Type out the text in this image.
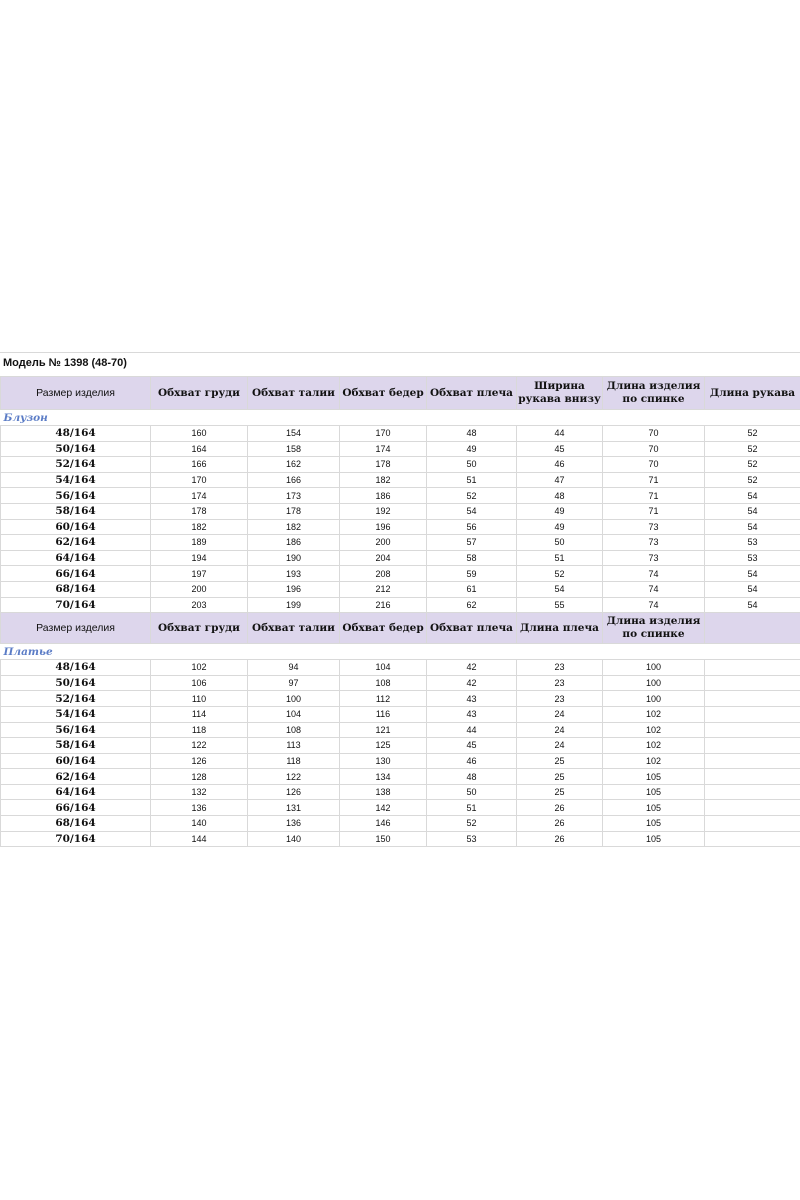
Модель № 1398 (48-70)
Размер изделия	Обхват груди	Обхват талии	Обхват бедер	Обхват плеча	Ширина рукава внизу	Длина изделия по спинке	Длина рукава
Блузон							
48/164	160	154	170	48	44	70	52
50/164	164	158	174	49	45	70	52
52/164	166	162	178	50	46	70	52
54/164	170	166	182	51	47	71	52
56/164	174	173	186	52	48	71	54
58/164	178	178	192	54	49	71	54
60/164	182	182	196	56	49	73	54
62/164	189	186	200	57	50	73	53
64/164	194	190	204	58	51	73	53
66/164	197	193	208	59	52	74	54
68/164	200	196	212	61	54	74	54
70/164	203	199	216	62	55	74	54
Размер изделия	Обхват груди	Обхват талии	Обхват бедер	Обхват плеча	Длина плеча	Длина изделия по спинке	
Платье							
48/164	102	94	104	42	23	100	
50/164	106	97	108	42	23	100	
52/164	110	100	112	43	23	100	
54/164	114	104	116	43	24	102	
56/164	118	108	121	44	24	102	
58/164	122	113	125	45	24	102	
60/164	126	118	130	46	25	102	
62/164	128	122	134	48	25	105	
64/164	132	126	138	50	25	105	
66/164	136	131	142	51	26	105	
68/164	140	136	146	52	26	105	
70/164	144	140	150	53	26	105	
